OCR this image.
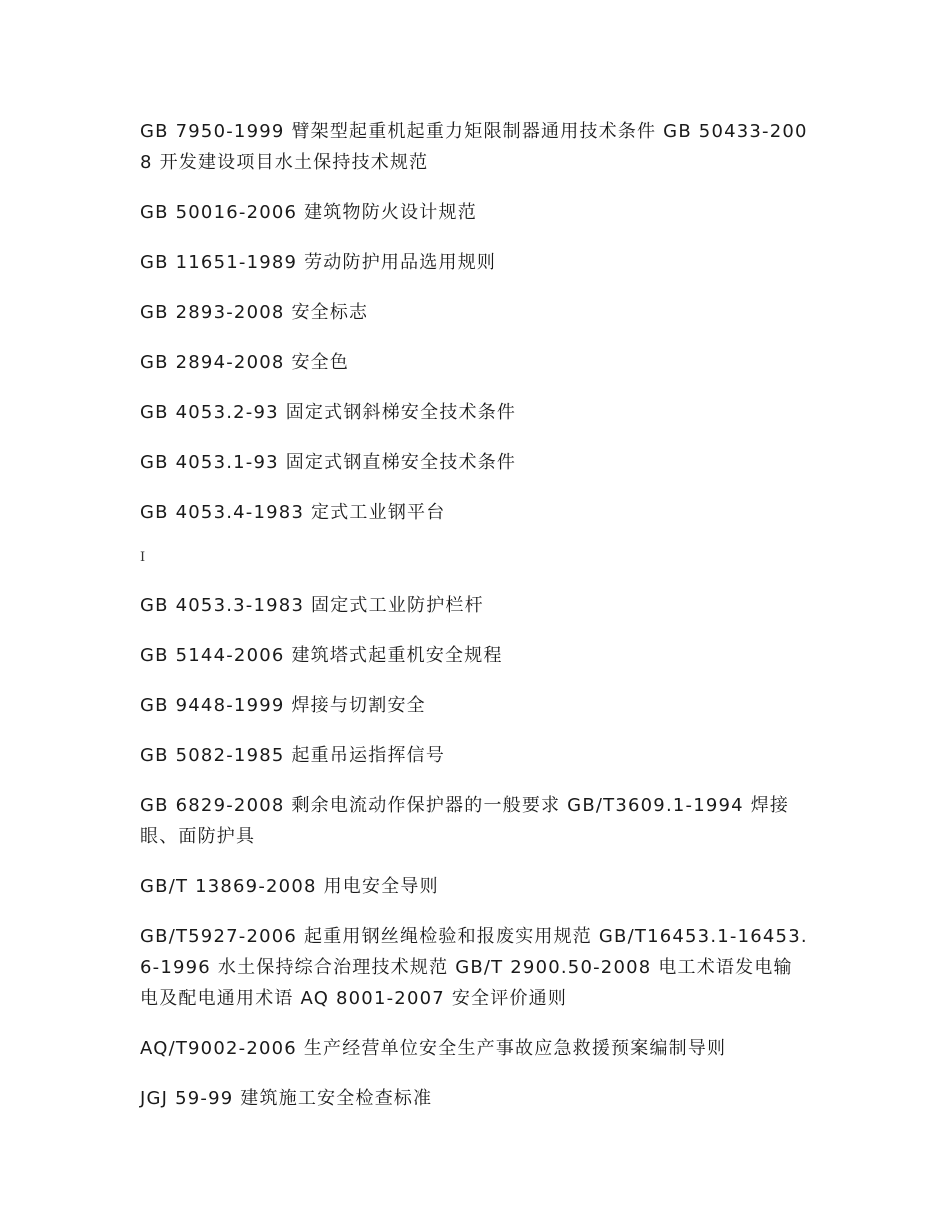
GB 7950-1999 臂架型起重机起重力矩限制器通用技术条件 GB 50433-2008 开发建设项目水土保持技术规范

GB 50016-2006 建筑物防火设计规范

GB 11651-1989 劳动防护用品选用规则

GB 2893-2008 安全标志

GB 2894-2008 安全色

GB 4053.2-93 固定式钢斜梯安全技术条件

GB 4053.1-93 固定式钢直梯安全技术条件

GB 4053.4-1983 定式工业钢平台

I

GB 4053.3-1983 固定式工业防护栏杆

GB 5144-2006 建筑塔式起重机安全规程

GB 9448-1999 焊接与切割安全

GB 5082-1985 起重吊运指挥信号

GB 6829-2008 剩余电流动作保护器的一般要求 GB/T3609.1-1994 焊接眼、面防护具

GB/T 13869-2008 用电安全导则

GB/T5927-2006 起重用钢丝绳检验和报废实用规范 GB/T16453.1-16453.6-1996 水土保持综合治理技术规范 GB/T 2900.50-2008 电工术语发电输电及配电通用术语 AQ 8001-2007 安全评价通则

AQ/T9002-2006 生产经营单位安全生产事故应急救援预案编制导则

JGJ 59-99 建筑施工安全检查标准
